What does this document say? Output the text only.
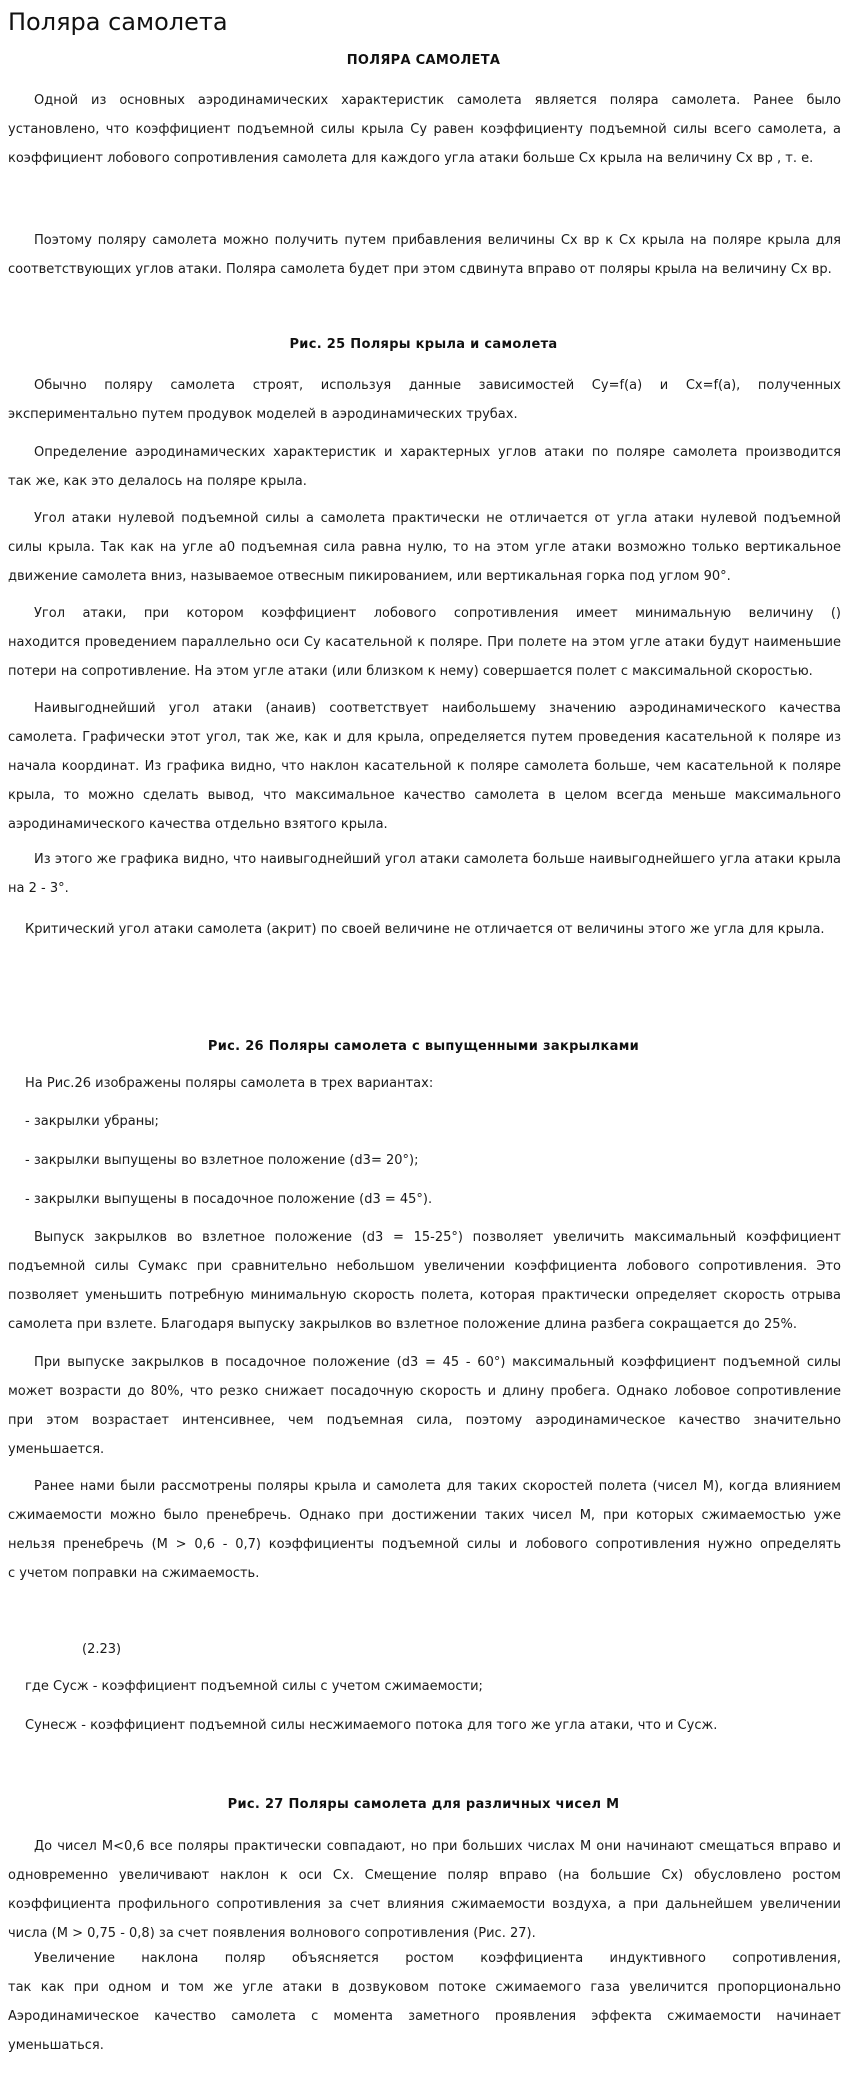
Поляра самолета
ПОЛЯРА САМОЛЕТА
Одной из основных аэродинамических характеристик самолета является поляра самолета. Ранее было
установлено, что коэффициент подъемной силы крыла Cy равен коэффициенту подъемной силы всего самолета, а
коэффициент лобового сопротивления самолета для каждого угла атаки больше Cx крыла на величину Cx вр , т. е.
Поэтому поляру самолета можно получить путем прибавления величины Cx вр к Cx крыла на поляре крыла для
соответствующих углов атаки. Поляра самолета будет при этом сдвинута вправо от поляры крыла на величину Cx вр.
Рис. 25 Поляры крыла и самолета
Обычно поляру самолета строят, используя данные зависимостей Cy=f(a) и Cx=f(a), полученных
экспериментально путем продувок моделей в аэродинамических трубах.
Определение аэродинамических характеристик и характерных углов атаки по поляре самолета производится
так же, как это делалось на поляре крыла.
Угол атаки нулевой подъемной силы а самолета практически не отличается от угла атаки нулевой подъемной
силы крыла. Так как на угле a0 подъемная сила равна нулю, то на этом угле атаки возможно только вертикальное
движение самолета вниз, называемое отвесным пикированием, или вертикальная горка под углом 90°.
Угол атаки, при котором коэффициент лобового сопротивления имеет минимальную величину ()
находится проведением параллельно оси Cy касательной к поляре. При полете на этом угле атаки будут наименьшие
потери на сопротивление. На этом угле атаки (или близком к нему) совершается полет с максимальной скоростью.
Наивыгоднейший угол атаки (aнаив) соответствует наибольшему значению аэродинамического качества
самолета. Графически этот угол, так же, как и для крыла, определяется путем проведения касательной к поляре из
начала координат. Из графика видно, что наклон касательной к поляре самолета больше, чем касательной к поляре
крыла, то можно сделать вывод, что максимальное качество самолета в целом всегда меньше максимального
аэродинамического качества отдельно взятого крыла.
Из этого же графика видно, что наивыгоднейший угол атаки самолета больше наивыгоднейшего угла атаки крыла
на 2 - 3°.
Критический угол атаки самолета (aкрит) по своей величине не отличается от величины этого же угла для крыла.
Рис. 26 Поляры самолета с выпущенными закрылками
На Рис.26 изображены поляры самолета в трех вариантах:
- закрылки убраны;
- закрылки выпущены во взлетное положение (d3= 20°);
- закрылки выпущены в посадочное положение (d3 = 45°).
Выпуск закрылков во взлетное положение (d3 = 15-25°) позволяет увеличить максимальный коэффициент
подъемной силы Cyмакс при сравнительно небольшом увеличении коэффициента лобового сопротивления. Это
позволяет уменьшить потребную минимальную скорость полета, которая практически определяет скорость отрыва
самолета при взлете. Благодаря выпуску закрылков во взлетное положение длина разбега сокращается до 25%.
При выпуске закрылков в посадочное положение (d3 = 45 - 60°) максимальный коэффициент подъемной силы
может возрасти до 80%, что резко снижает посадочную скорость и длину пробега. Однако лобовое сопротивление
при этом возрастает интенсивнее, чем подъемная сила, поэтому аэродинамическое качество значительно
уменьшается.
Ранее нами были рассмотрены поляры крыла и самолета для таких скоростей полета (чисел М), когда влиянием
сжимаемости можно было пренебречь. Однако при достижении таких чисел М, при которых сжимаемостью уже
нельзя пренебречь (М > 0,6 - 0,7) коэффициенты подъемной силы и лобового сопротивления нужно определять
с учетом поправки на сжимаемость.
(2.23)
где Cyсж - коэффициент подъемной силы с учетом сжимаемости;
Cyнесж - коэффициент подъемной силы несжимаемого потока для того же угла атаки, что и Cyсж.
Рис. 27 Поляры самолета для различных чисел М
До чисел М<0,6 все поляры практически совпадают, но при больших числах М они начинают смещаться вправо и
одновременно увеличивают наклон к оси Cx. Смещение поляр вправо (на большие Cx) обусловлено ростом
коэффициента профильного сопротивления за счет влияния сжимаемости воздуха, а при дальнейшем увеличении
числа (М > 0,75 - 0,8) за счет появления волнового сопротивления (Рис. 27).
Увеличение наклона поляр объясняется ростом коэффициента индуктивного сопротивления,
так как при одном и том же угле атаки в дозвуковом потоке сжимаемого газа увеличится пропорционально
Аэродинамическое качество самолета с момента заметного проявления эффекта сжимаемости начинает
уменьшаться.
